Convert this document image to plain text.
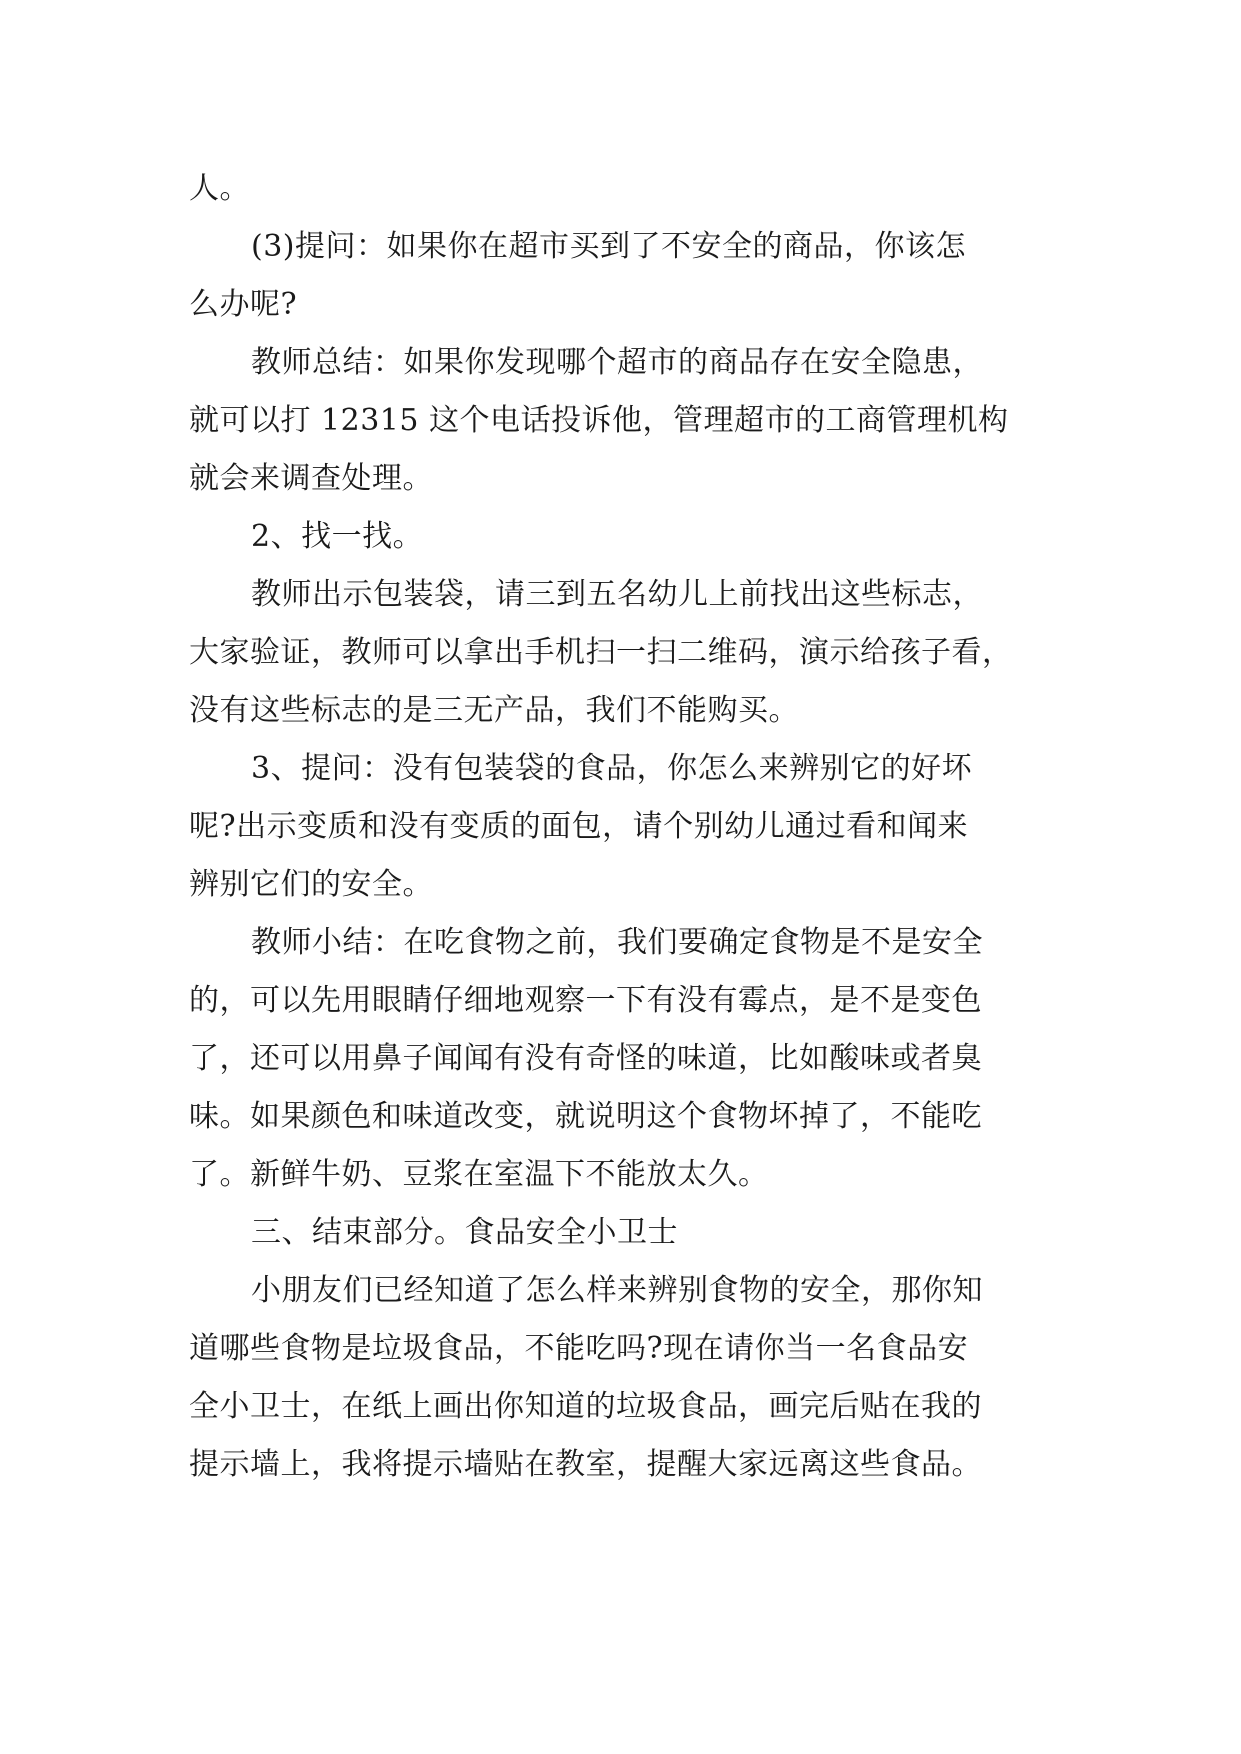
人。
(3)提问：如果你在超市买到了不安全的商品，你该怎
么办呢?
教师总结：如果你发现哪个超市的商品存在安全隐患，
就可以打 12315 这个电话投诉他，管理超市的工商管理机构
就会来调查处理。
2、找一找。
教师出示包装袋，请三到五名幼儿上前找出这些标志，
大家验证，教师可以拿出手机扫一扫二维码，演示给孩子看，
没有这些标志的是三无产品，我们不能购买。
3、提问：没有包装袋的食品，你怎么来辨别它的好坏
呢?出示变质和没有变质的面包，请个别幼儿通过看和闻来
辨别它们的安全。
教师小结：在吃食物之前，我们要确定食物是不是安全
的，可以先用眼睛仔细地观察一下有没有霉点，是不是变色
了，还可以用鼻子闻闻有没有奇怪的味道，比如酸味或者臭
味。如果颜色和味道改变，就说明这个食物坏掉了，不能吃
了。新鲜牛奶、豆浆在室温下不能放太久。
三、结束部分。食品安全小卫士
小朋友们已经知道了怎么样来辨别食物的安全，那你知
道哪些食物是垃圾食品，不能吃吗?现在请你当一名食品安
全小卫士，在纸上画出你知道的垃圾食品，画完后贴在我的
提示墙上，我将提示墙贴在教室，提醒大家远离这些食品。
